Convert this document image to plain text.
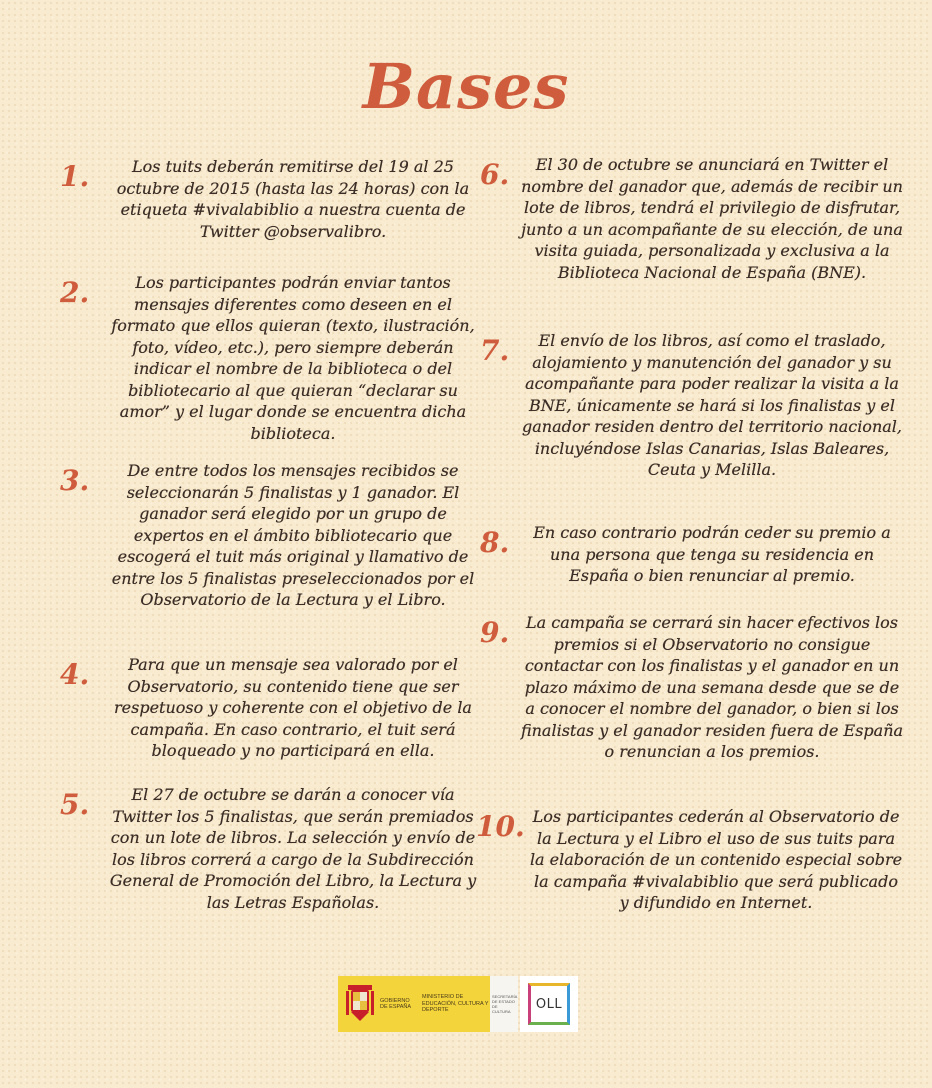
Bases
1.	Los tuits deberán remitirse del 19 al 25 octubre de 2015 (hasta las 24 horas) con la etiqueta #vivalabiblio a nuestra cuenta de Twitter @observalibro.
2.	Los participantes podrán enviar tantos mensajes diferentes como deseen en el formato que ellos quieran (texto, ilustración, foto, vídeo, etc.), pero siempre deberán indicar el nombre de la biblioteca o del bibliotecario al que quieran “declarar su amor” y el lugar donde se encuentra dicha biblioteca.
3.	De entre todos los mensajes recibidos se seleccionarán 5 finalistas y 1 ganador. El ganador será elegido por un grupo de expertos en el ámbito bibliotecario que escogerá el tuit más original y llamativo de entre los 5 finalistas preseleccionados por el Observatorio de la Lectura y el Libro.
4.	Para que un mensaje sea valorado por el Observatorio, su contenido tiene que ser respetuoso y coherente con el objetivo de la campaña. En caso contrario, el tuit será bloqueado y no participará en ella.
5.	El 27 de octubre se darán a conocer vía Twitter los 5 finalistas, que serán premiados con un lote de libros. La selección y envío de los libros correrá a cargo de la Subdirección General de Promoción del Libro, la Lectura y las Letras Españolas.
6.	El 30 de octubre se anunciará en Twitter el nombre del ganador que, además de recibir un lote de libros, tendrá el privilegio de disfrutar, junto a un acompañante de su elección, de una visita guiada, personalizada y exclusiva a la Biblioteca Nacional de España (BNE).
7.	El envío de los libros, así como el traslado, alojamiento y manutención del ganador y su acompañante para poder realizar la visita a la BNE, únicamente se hará si los finalistas y el ganador residen dentro del territorio nacional, incluyéndose Islas Canarias, Islas Baleares, Ceuta y Melilla.
8.	En caso contrario podrán ceder su premio a una persona que tenga su residencia en España o bien renunciar al premio.
9.	La campaña se cerrará sin hacer efectivos los premios si el Observatorio no consigue contactar con los finalistas y el ganador en un plazo máximo de una semana desde que se de a conocer el nombre del ganador, o bien si los finalistas y el ganador residen fuera de España o renuncian a los premios.
10. Los participantes cederán al Observatorio de la Lectura y el Libro el uso de sus tuits para la elaboración de un contenido especial sobre la campaña #vivalabiblio que será publicado y difundido en Internet.
GOBIERNO DE ESPAÑA
MINISTERIO DE EDUCACIÓN, CULTURA Y DEPORTE
SECRETARÍA DE ESTADO DE CULTURA	OLL
